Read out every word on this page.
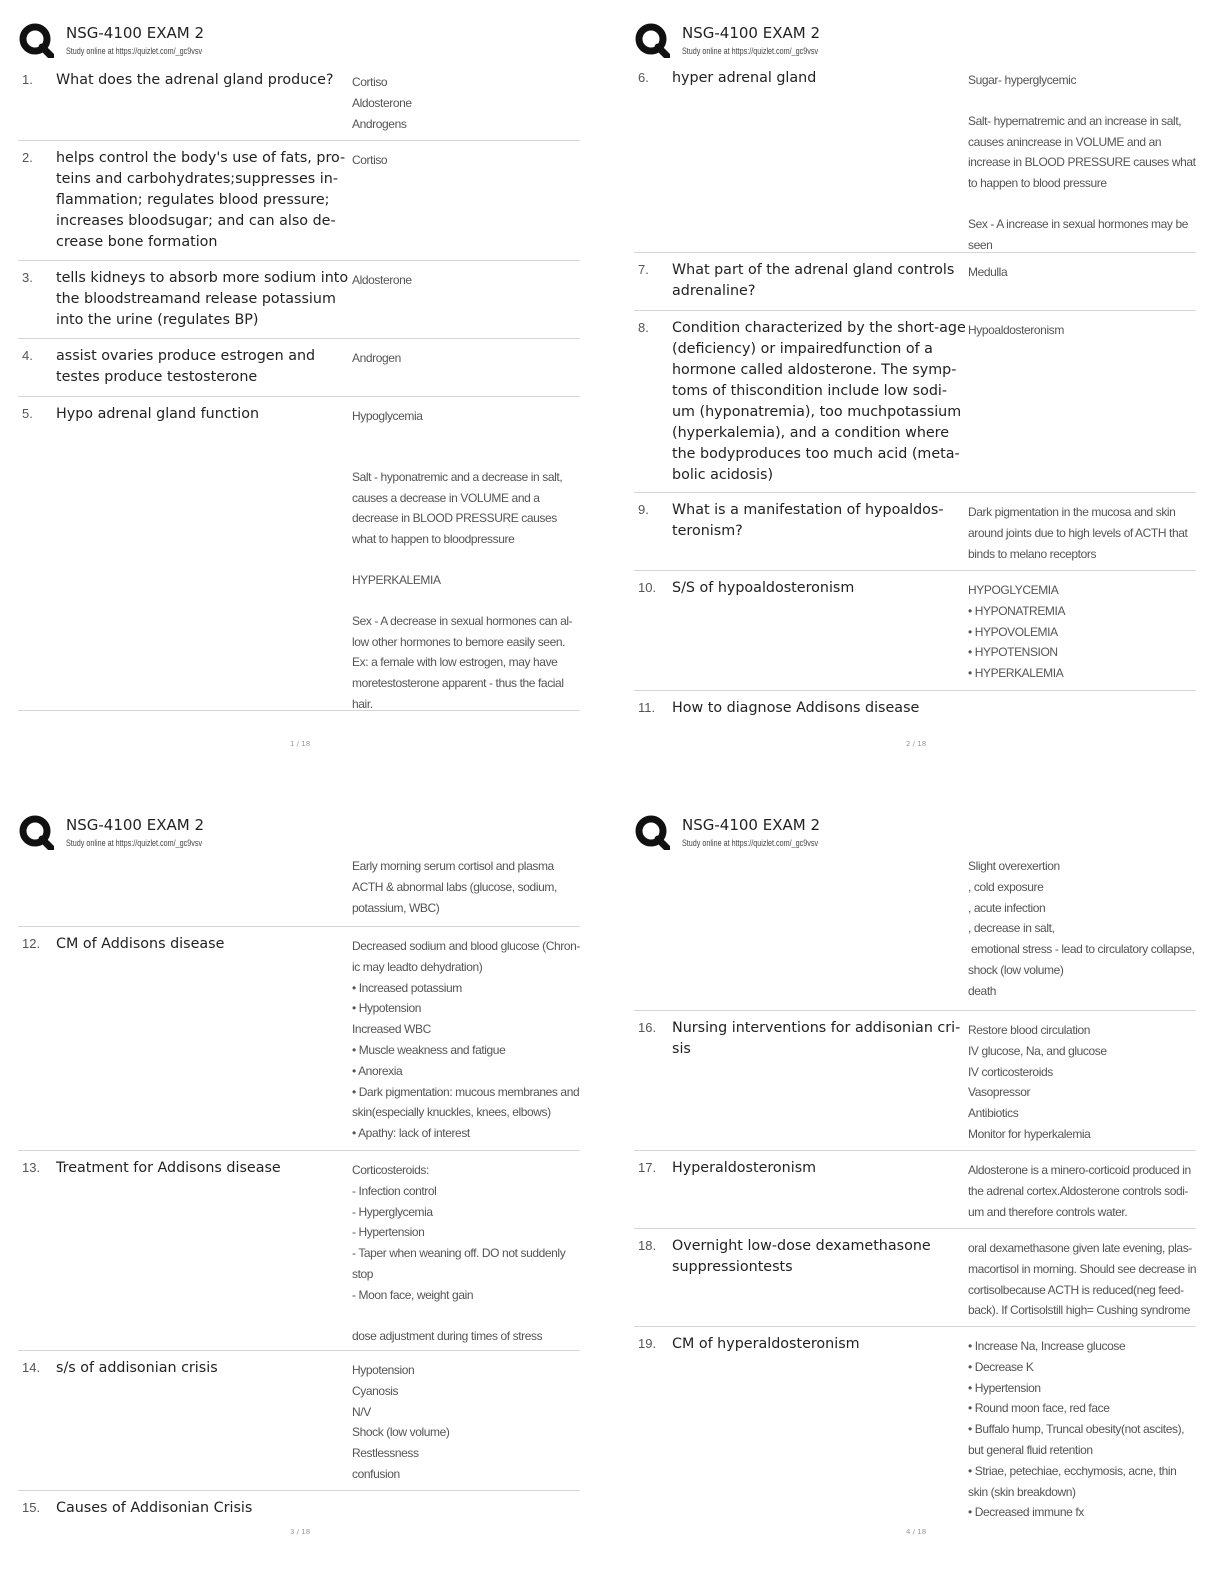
NSG-4100 EXAM 2
Study online at https://quizlet.com/_gc9vsv
1. What does the adrenal gland produce?	Cortiso
Aldosterone
Androgens
2. helps control the body's use of fats, pro-teins and carbohydrates;suppresses in-flammation; regulates blood pressure; increases bloodsugar; and can also de-crease bone formation
Cortiso
3. tells kidneys to absorb more sodium into the bloodstreamand release potassium into the urine (regulates BP)
Aldosterone
4. assist ovaries produce estrogen and testes produce testosterone
Androgen
5. Hypo adrenal gland function	Hypoglycemia
Salt - hyponatremic and a decrease in salt, causes a decrease in VOLUME and a decrease in BLOOD PRESSURE causes what to happen to bloodpressure
HYPERKALEMIA
Sex - A decrease in sexual hormones can al-low other hormones to bemore easily seen. Ex: a female with low estrogen, may have moretestosterone apparent - thus the facial hair.
1 / 18
NSG-4100 EXAM 2
Study online at https://quizlet.com/_gc9vsv
6. hyper adrenal gland	Sugar- hyperglycemic
Salt- hypernatremic and an increase in salt, causes anincrease in VOLUME and an increase in BLOOD PRESSURE causes what to happen to blood pressure
Sex - A increase in sexual hormones may be seen
7. What part of the adrenal gland controls adrenaline?
Medulla
8. Condition characterized by the short-age (deficiency) or impairedfunction of a hormone called aldosterone. The symp-toms of thiscondition include low sodi-um (hyponatremia), too muchpotassium (hyperkalemia), and a condition where the bodyproduces too much acid (meta-bolic acidosis)
Hypoaldosteronism
9. What is a manifestation of hypoaldos-teronism?
Dark pigmentation in the mucosa and skin around joints due to high levels of ACTH that binds to melano receptors
10. S/S of hypoaldosteronism	HYPOGLYCEMIA
• HYPONATREMIA
• HYPOVOLEMIA
• HYPOTENSION
• HYPERKALEMIA
11. How to diagnose Addisons disease
2 / 18
NSG-4100 EXAM 2
Study online at https://quizlet.com/_gc9vsv
Early morning serum cortisol and plasma ACTH & abnormal labs (glucose, sodium, potassium, WBC)
12. CM of Addisons disease	Decreased sodium and blood glucose (Chron-ic may leadto dehydration)
• Increased potassium
• Hypotension
Increased WBC
• Muscle weakness and fatigue
• Anorexia
• Dark pigmentation: mucous membranes and skin(especially knuckles, knees, elbows)
• Apathy: lack of interest
13. Treatment for Addisons disease	Corticosteroids:
- Infection control
- Hyperglycemia
- Hypertension
- Taper when weaning off. DO not suddenly stop
- Moon face, weight gain
dose adjustment during times of stress
14. s/s of addisonian crisis	Hypotension
Cyanosis
N/V
Shock (low volume)
Restlessness
confusion
15. Causes of Addisonian Crisis
3 / 18
NSG-4100 EXAM 2
Study online at https://quizlet.com/_gc9vsv
Slight overexertion
, cold exposure
, acute infection
, decrease in salt,
emotional stress - lead to circulatory collapse, shock (low volume)
death
16. Nursing interventions for addisonian cri-sis
Restore blood circulation
IV glucose, Na, and glucose
IV corticosteroids
Vasopressor
Antibiotics
Monitor for hyperkalemia
17. Hyperaldosteronism	Aldosterone is a minero-corticoid produced in the adrenal cortex.Aldosterone controls sodi-um and therefore controls water.
18. Overnight low-dose dexamethasone suppressiontests
oral dexamethasone given late evening, plas-macortisol in morning. Should see decrease in cortisolbecause ACTH is reduced(neg feed-back). If Cortisolstill high= Cushing syndrome
19. CM of hyperaldosteronism	• Increase Na, Increase glucose
• Decrease K
• Hypertension
• Round moon face, red face
• Buffalo hump, Truncal obesity(not ascites), but general fluid retention
• Striae, petechiae, ecchymosis, acne, thin skin (skin breakdown)
• Decreased immune fx
4 / 18
